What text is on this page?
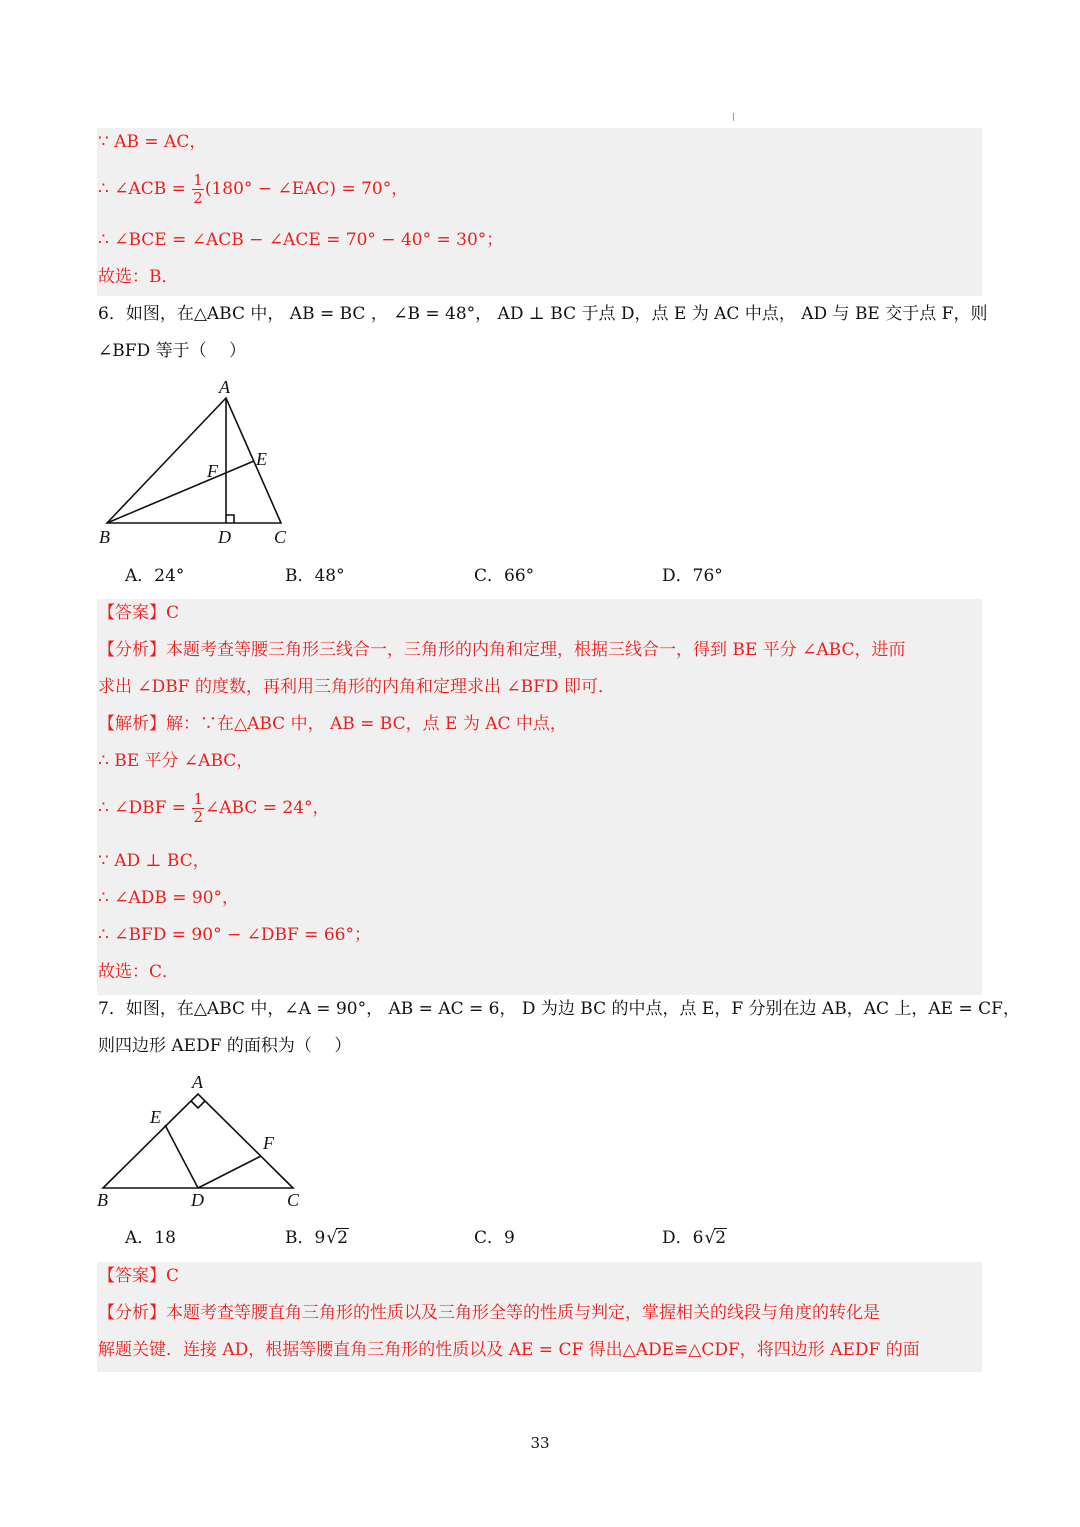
∵ AB = AC，
∴ ∠ACB = $\frac{1}{2} (180^\circ$ − ∠EAC) = 70°，
∴ ∠BCE = ∠ACB − ∠ACE = 70° − 40° = 30°；
故选：B．
6．如图，在△ABC 中， AB = BC ， ∠B = 48°， AD ⊥ BC 于点 D，点 E 为 AC 中点， AD 与 BE 交于点 F，则
∠BFD 等于（　 ）
A
E
F
B	D C
A．24°	B．48°	C．66°	D．76°
【答案】C
【分析】本题考查等腰三角形三线合一，三角形的内角和定理，根据三线合一，得到 BE 平分 ∠ABC，进而
求出 ∠DBF 的度数，再利用三角形的内角和定理求出 ∠BFD 即可．
【解析】解：∵在△ABC 中， AB = BC，点 E 为 AC 中点，
∴ BE 平分 ∠ABC，
∴ ∠DBF = $\frac{1}{2}$ ∠ABC = 24°，
∵ AD ⊥ BC，
∴ ∠ADB = 90°，
∴ ∠BFD = 90° − ∠DBF = 66°；
故选：C．
7．如图，在△ABC 中，∠A = 90°， AB = AC = 6， D 为边 BC 的中点，点 E，F 分别在边 AB，AC 上，AE = CF，
则四边形 AEDF 的面积为（　 ）
A
E
F
B	D	C
A．18	B．9√2	C．9	D．6√2
【答案】C
【分析】本题考查等腰直角三角形的性质以及三角形全等的性质与判定，掌握相关的线段与角度的转化是
解题关键．连接 AD，根据等腰直角三角形的性质以及 AE = CF 得出△ADE≌△CDF，将四边形 AEDF 的面
33
